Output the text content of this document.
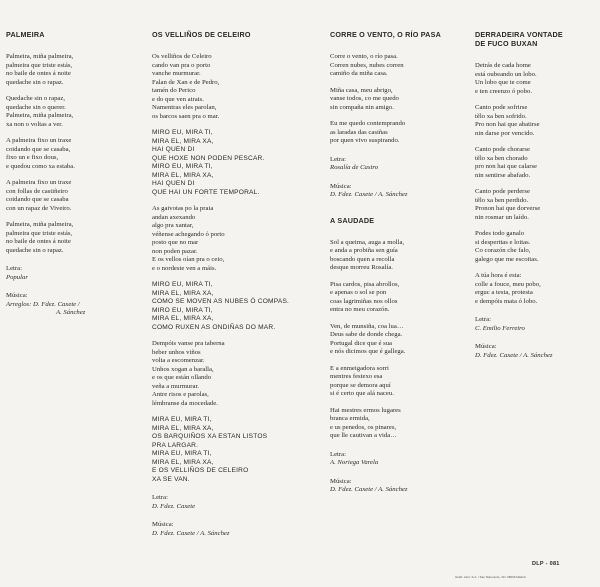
PALMEIRA
Palmeira, miña palmeira,
palmeira que triste estás,
no baile de ontes á noite
quedache sin o rapaz.
Quedache sin o rapaz,
quedache sin o querer.
Palmeira, miña palmeira,
xa non o voltas a ver.
A palmeira fixo un traxe
coidando que se casaba,
fixo un e fixo dous,
e quedou como xa estaba.
A palmeira fixo un traxe
con follas de castiñeiro
coidando que se casaba
con un rapaz de Viveiro.
Palmeira, miña palmeira,
palmeira que triste estás,
no baile de ontes á noite
quedache sin o rapaz.
Letra:
Popular
Música:
Arreglos: D. Fdez. Caxete /
A. Sánchez
OS VELLIÑOS DE CELEIRO
Os velliños de Celeiro
cando van pra o porto
vanche murmurar.
Falan de Xan e de Pedro,
tamén do Perico
e do que ven atrais.
Namentras eles parolan,
os barcos saen pra o mar.
MIRO EU, MIRA TI,
MIRA EL, MIRA XA,
HAI QUEN DI
QUE HOXE NON PODEN PESCAR.
MIRO EU, MIRA TI,
MIRA EL, MIRA XA,
HAI QUEN DI
QUE HAI UN FORTE TEMPORAL.
As gaivotas po la praia
andan axexando
algo pra xantar,
véñense achegando ó porto
posto que no mar
non poden pazar.
E os vellos oían pra o ceio,
e o nordeste ven a máis.
MIRO EU, MIRA TI,
MIRA EL, MIRA XA,
COMO SE MOVEN AS NUBES Ó COMPAS.
MIRO EU, MIRA TI,
MIRA EL, MIRA XA,
COMO RUXEN AS ONDIÑAS DO MAR.
Dempóis vanse pra taberna
beber unhos viños
volta a escomenzar.
Unhos xogan a baralla,
e os que están ollando
veña a murmurar.
Antre risos e parolas,
lémbranse da mocedade.
MIRA EU, MIRA TI,
MIRA EL, MIRA XA,
OS BARQUIÑOS XA ESTAN LISTOS
PRA LARGAR.
MIRA EU, MIRA TI,
MIRA EL, MIRA XA,
E OS VELLIÑOS DE CELEIRO
XA SE VAN.
Letra:
D. Fdez. Caxete
Música:
D. Fdez. Caxete / A. Sánchez
CORRE O VENTO, O RÍO PASA
Corre o vento, o río pasa.
Corren nubes, nubes corren
camiño da miña casa.
Miña casa, meu abrigo,
vanse todos, co me quedo
sin compaña nin amigo.
Eu me quedo contemprando
as laradas das casiñas
por quen vivo suspirando.
Letra:
Rosalía de Castro
Música:
D. Fdez. Caxete / A. Sánchez
A SAUDADE
Sol a queima, auga a molla,
e anda a probiña sen guía
boscando quen a recolla
desque morreu Rosalía.
Pisa cardos, pisa abrollos,
e apenas o sol se pon
coas lagrimiñas nos ollos
entra no meu corazón.
Ven, de munsiña, coa lua…
Deus sabe de donde chega.
Portugal dice que é sua
e nós dicimos que é gallega.
E a enmeigadora sorri
mentres festexo esa
porque se demora aquí
si é certo que alá naceu.
Hai mestres ermos lugares
branca ermida,
e us penedos, os pinares,
que lle cautivan a vida…
Letra:
A. Noriega Varela
Música:
D. Fdez. Caxete / A. Sánchez
DERRADEIRA VONTADE
DE FUCO BUXAN
Detrás de cada home
está oubeando un lobo.
Un lobo que te come
e ten creenzo ó pobo.
Canto pode sofrirse
tělo xa ben sofrido.
Pro non hai que abatirse
nin darse por vencido.
Canto pode chorarse
tělo xa ben chorado
pro non hai que calarse
nin sentirse abafado.
Canto pode perderse
tělo xa ben perdido.
Pronon hai que dorverse
nin rosmar un laído.
Podes todo ganalo
si desperttas e loitas.
Co corazón che falo,
galego que me escoitas.
A túa hora é esta:
colle a fouce, meu pobo,
erguc a testa, protesta
e dempóis mata ó lobo.
Letra:
C. Emilio Ferreiro
Música:
D. Fdez. Caxete / A. Sánchez
DLP - 081
Gráfs. ALG, S.A. / San Raimundo, 30 / 28039 Madrid
